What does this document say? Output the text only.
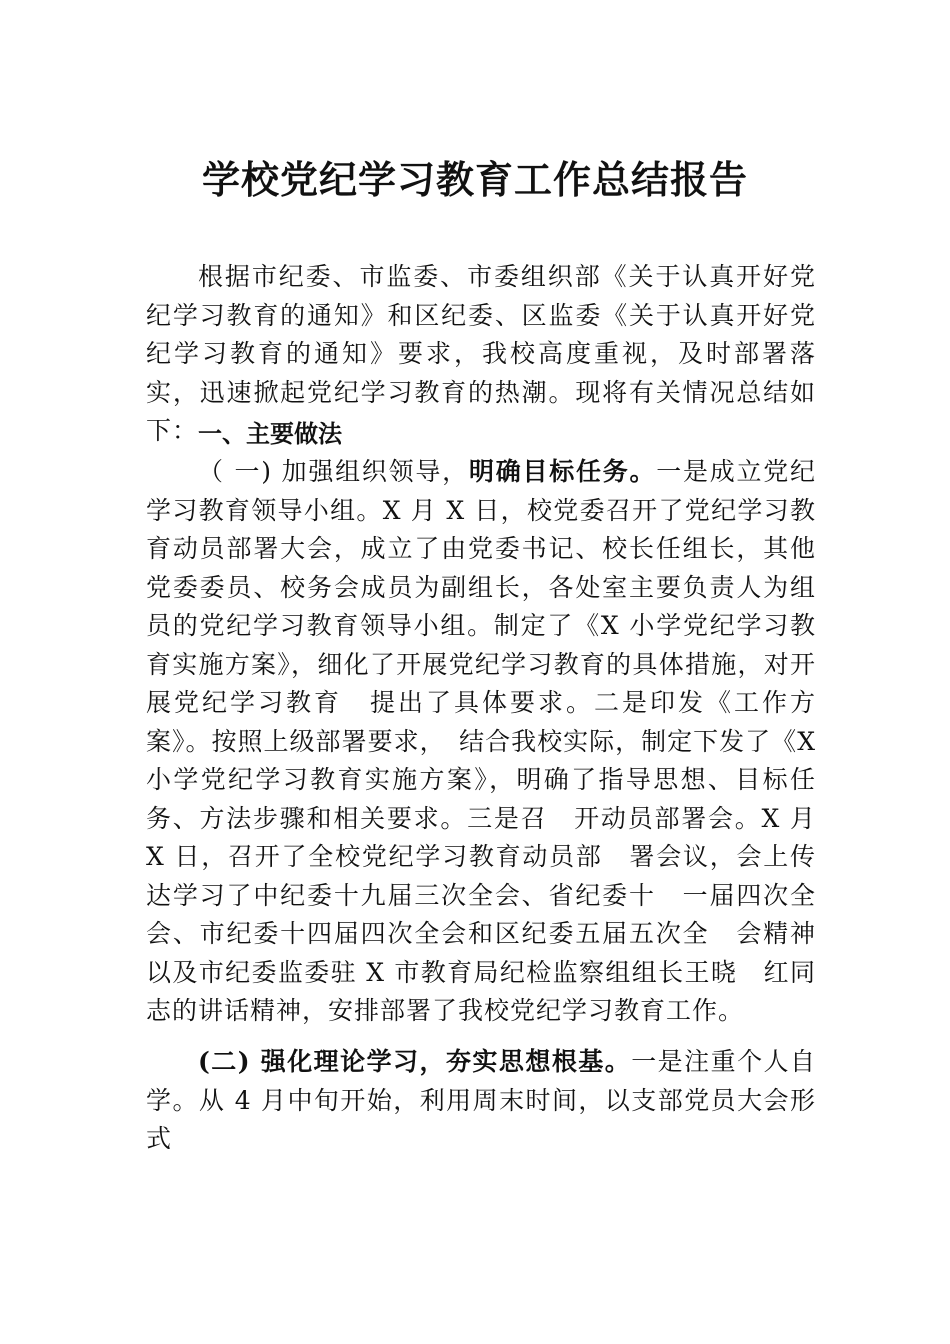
学校党纪学习教育工作总结报告
根据市纪委、市监委、市委组织部《关于认真开好党纪学习教育的通知》和区纪委、区监委《关于认真开好党纪学习教育的通知》要求，我校高度重视，及时部署落实，迅速掀起党纪学习教育的热潮。现将有关情况总结如下： 一、主要做法
（ 一) 加强组织领导，明确目标任务。一是成立党纪学习教育领导小组。X 月 X 日，校党委召开了党纪学习教育动员部署大会，成立了由党委书记、校长任组长，其他党委委员、校务会成员为副组长，各处室主要负责人为组员的党纪学习教育领导小组。制定了《X 小学党纪学习教育实施方案》，细化了开展党纪学习教育的具体措施，对开展党纪学习教育　提出了具体要求。二是印发《工作方案》。按照上级部署要求，　结合我校实际，制定下发了《X 小学党纪学习教育实施方案》，明确了指导思想、目标任务、方法步骤和相关要求。三是召　开动员部署会。X 月 X 日，召开了全校党纪学习教育动员部　署会议，会上传达学习了中纪委十九届三次全会、省纪委十　一届四次全会、市纪委十四届四次全会和区纪委五届五次全　会精神以及市纪委监委驻 X 市教育局纪检监察组组长王晓　红同志的讲话精神，安排部署了我校党纪学习教育工作。
(二) 强化理论学习，夯实思想根基。一是注重个人自学。从 4 月中旬开始，利用周末时间，以支部党员大会形式
